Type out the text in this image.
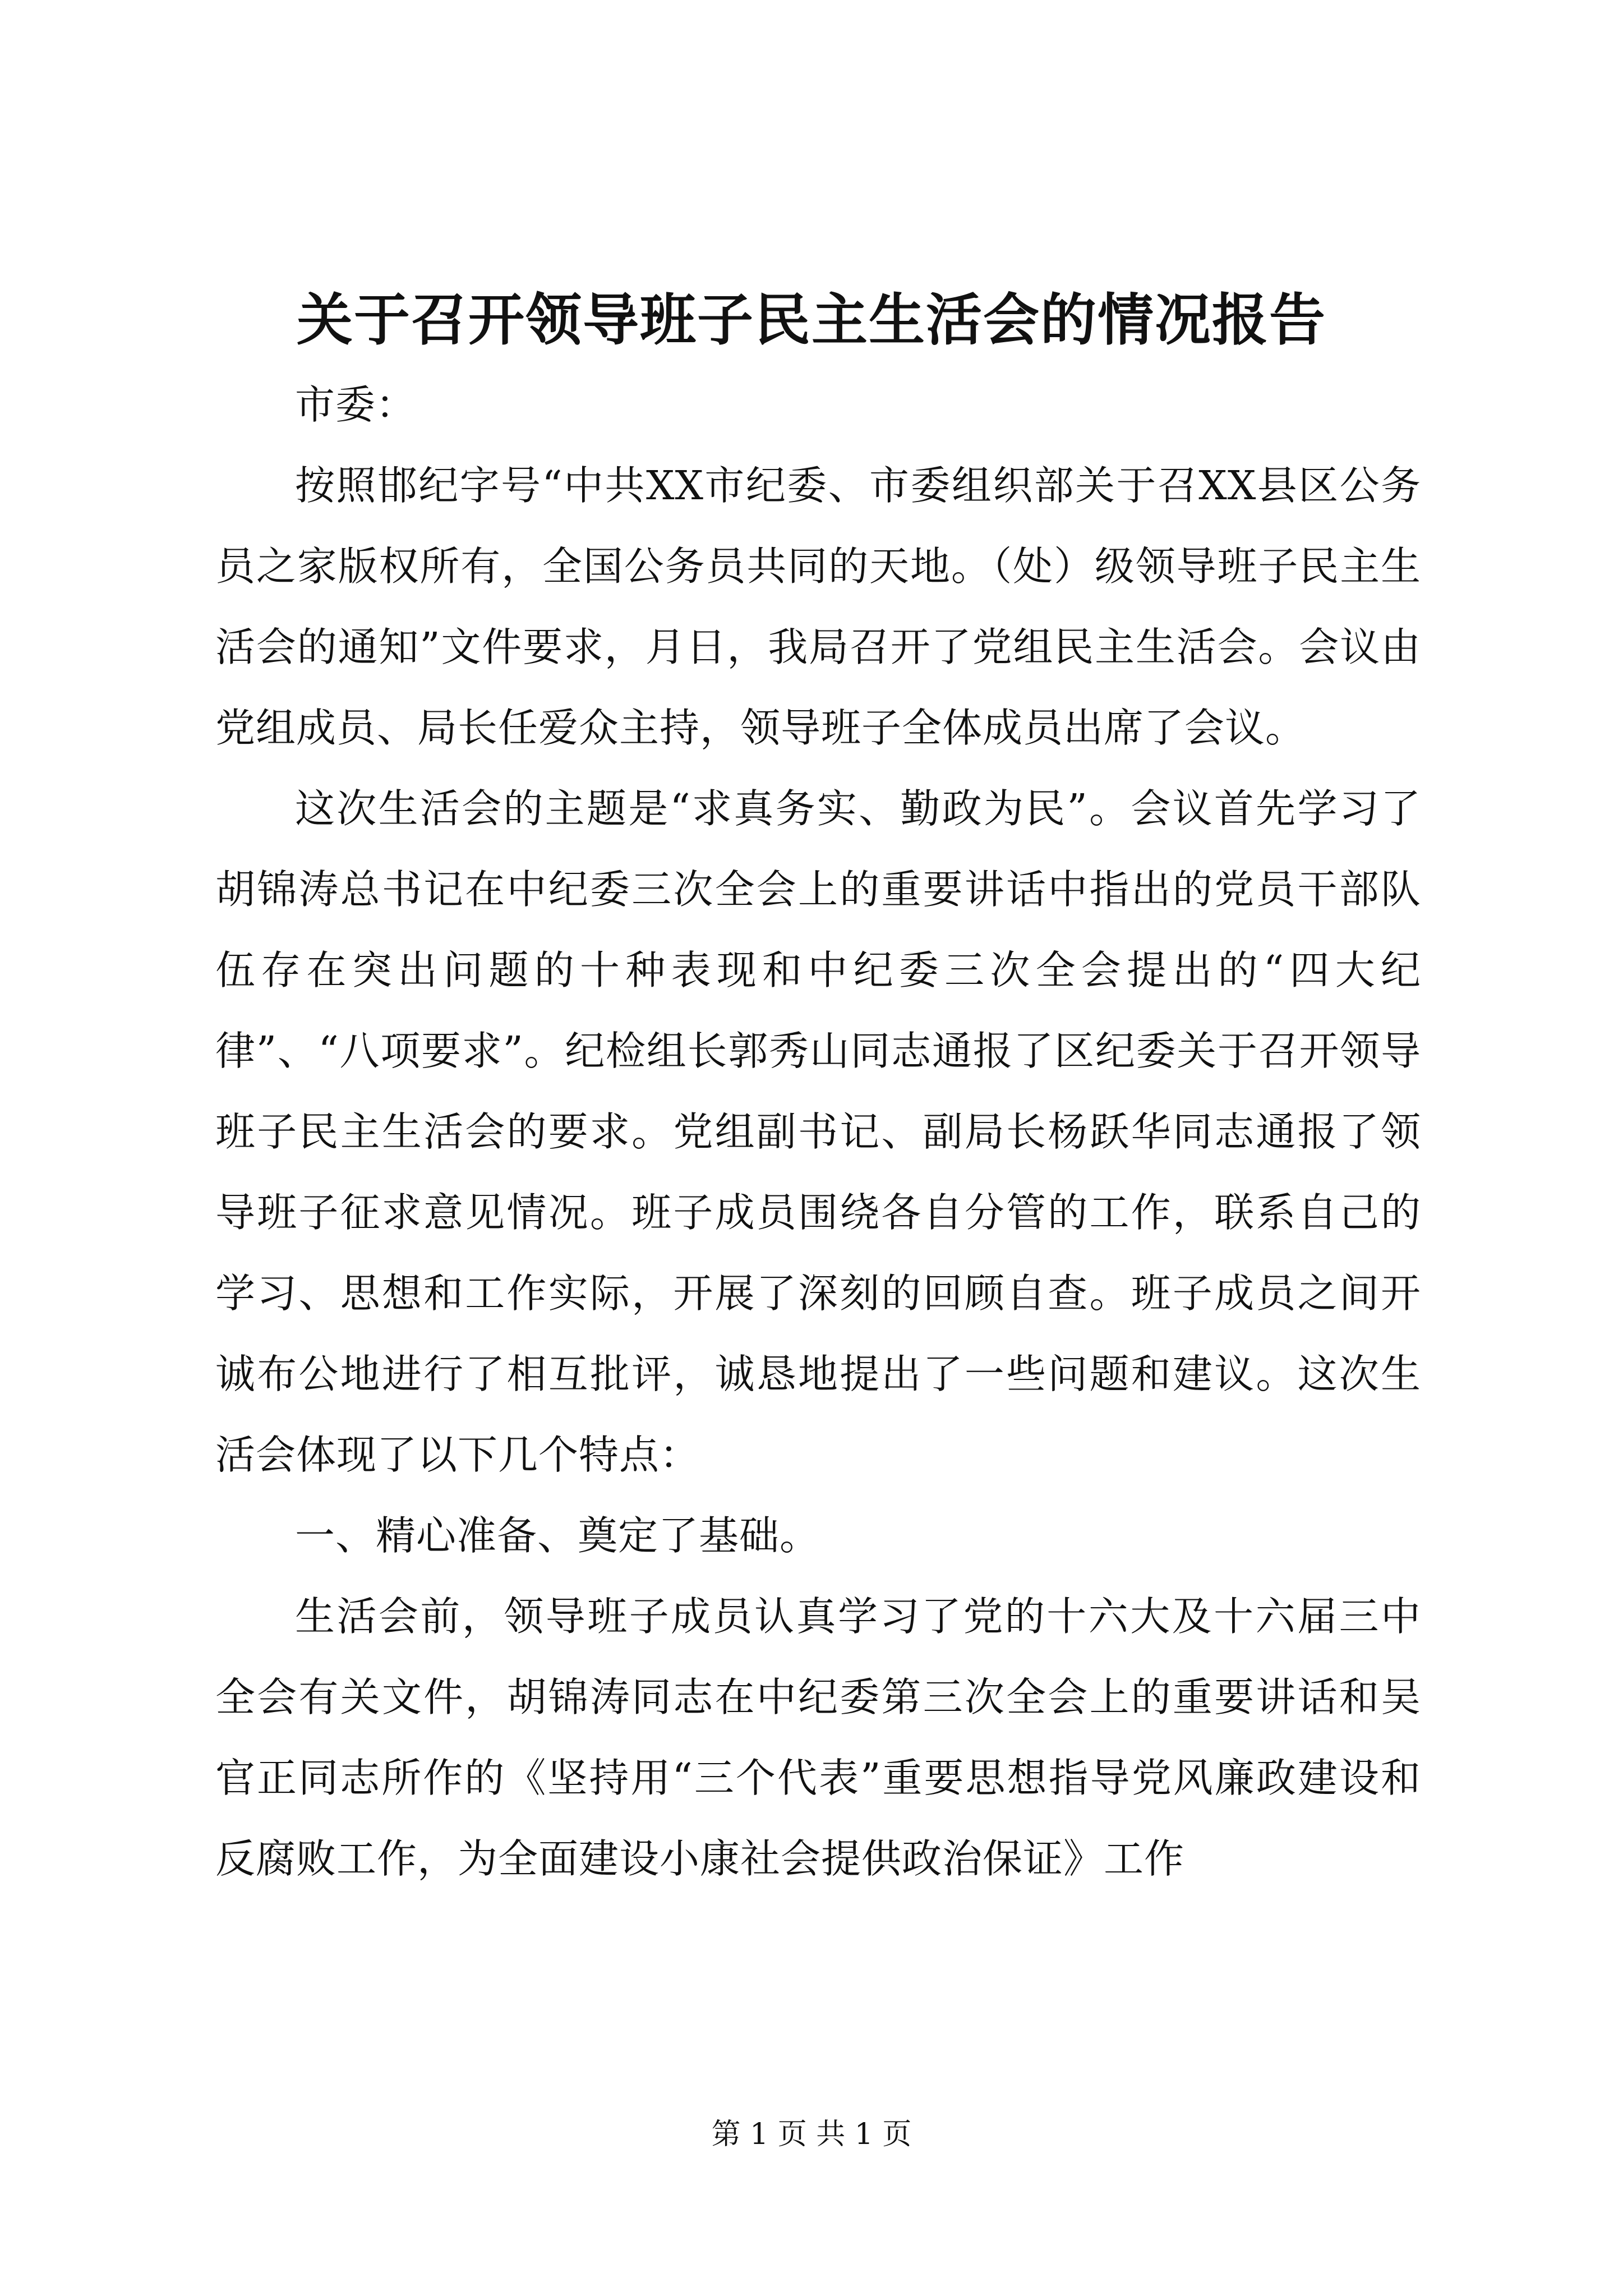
关于召开领导班子民主生活会的情况报告

市委：

按照邯纪字号“中共XX市纪委、市委组织部关于召XX县区公务员之家版权所有，全国公务员共同的天地。（处）级领导班子民主生活会的通知”文件要求，月日，我局召开了党组民主生活会。会议由党组成员、局长任爱众主持，领导班子全体成员出席了会议。

这次生活会的主题是“求真务实、勤政为民”。会议首先学习了胡锦涛总书记在中纪委三次全会上的重要讲话中指出的党员干部队伍存在突出问题的十种表现和中纪委三次全会提出的“四大纪律”、“八项要求”。纪检组长郭秀山同志通报了区纪委关于召开领导班子民主生活会的要求。党组副书记、副局长杨跃华同志通报了领导班子征求意见情况。班子成员围绕各自分管的工作，联系自己的学习、思想和工作实际，开展了深刻的回顾自查。班子成员之间开诚布公地进行了相互批评，诚恳地提出了一些问题和建议。这次生活会体现了以下几个特点：

一、精心准备、奠定了基础。

生活会前，领导班子成员认真学习了党的十六大及十六届三中全会有关文件，胡锦涛同志在中纪委第三次全会上的重要讲话和吴官正同志所作的《坚持用“三个代表”重要思想指导党风廉政建设和反腐败工作，为全面建设小康社会提供政治保证》工作

第 1 页 共 1 页
